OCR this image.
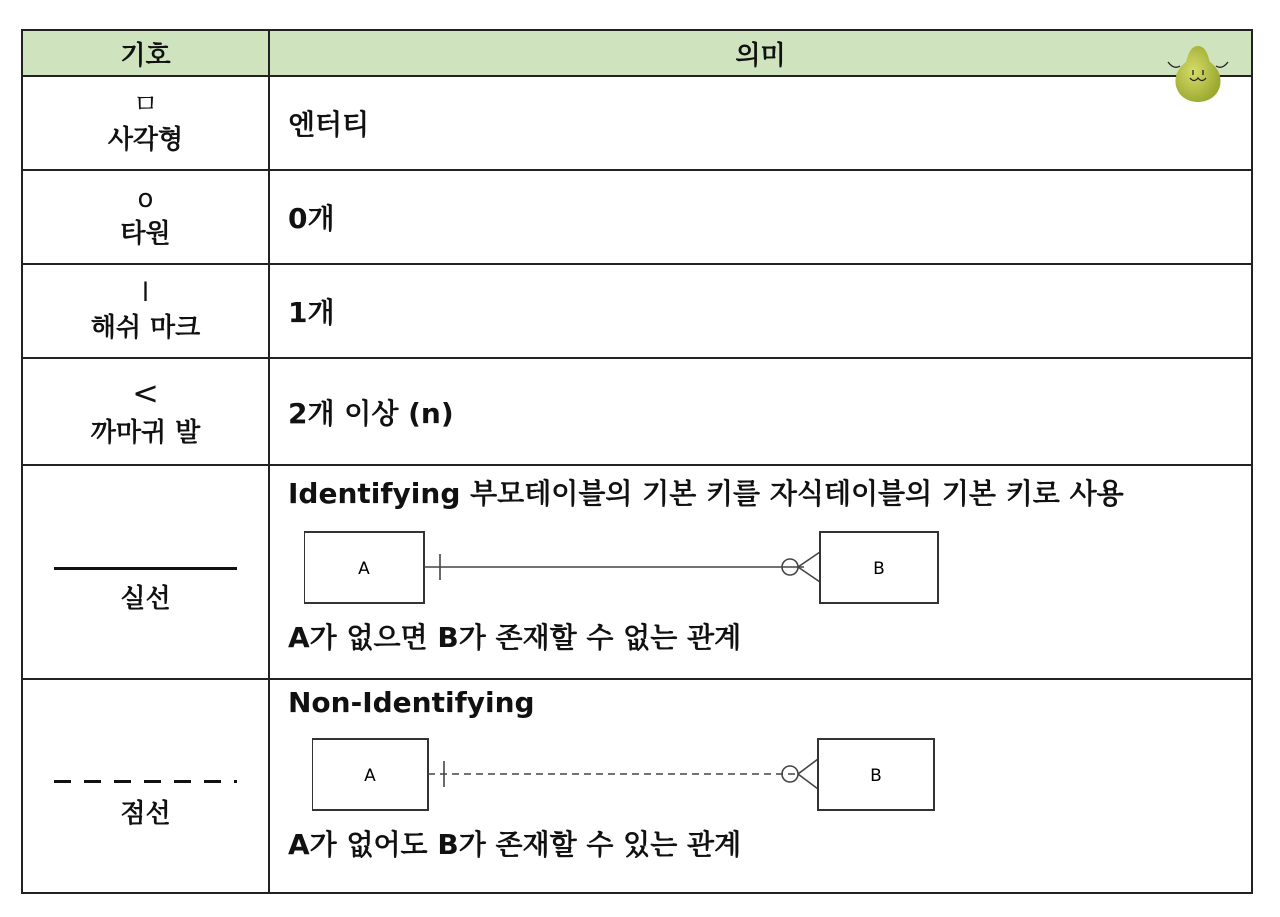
기호	의미

ㅁ
사각형	엔터티

o
타원	0개

l
해쉬 마크	1개

<
까마귀 발	2개 이상 (n)

실선	Identifying 부모테이블의 기본 키를 자식테이블의 기본 키로 사용
A B
A가 없으면 B가 존재할 수 없는 관계

점선	Non-Identifying
A B
A가 없어도 B가 존재할 수 있는 관계
